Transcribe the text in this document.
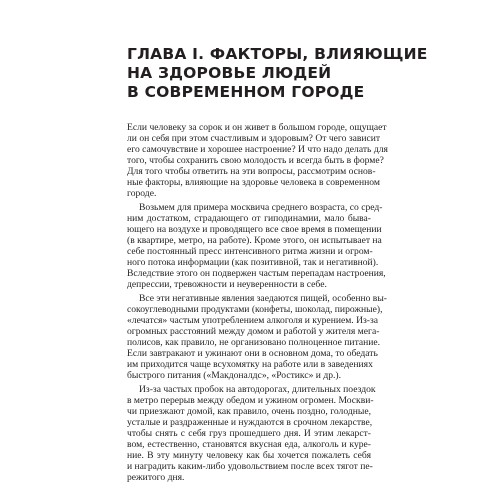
ГЛАВА I. ФАКТОРЫ, ВЛИЯЮЩИЕ
НА ЗДОРОВЬЕ ЛЮДЕЙ
В СОВРЕМЕННОМ ГОРОДЕ

Если человеку за сорок и он живет в большом городе, ощущает
ли он себя при этом счастливым и здоровым? От чего зависит
его самочувствие и хорошее настроение? И что надо делать для
того, чтобы сохранить свою молодость и всегда быть в форме?
Для того чтобы ответить на эти вопросы, рассмотрим основ-
ные факторы, влияющие на здоровье человека в современном
городе.

Возьмем для примера москвича среднего возраста, со сред-
ним достатком, страдающего от гиподинамии, мало быва-
ющего на воздухе и проводящего все свое время в помещении
(в квартире, метро, на работе). Кроме этого, он испытывает на
себе постоянный пресс интенсивного ритма жизни и огром-
ного потока информации (как позитивной, так и негативной).
Вследствие этого он подвержен частым перепадам настроения,
депрессии, тревожности и неуверенности в себе.

Все эти негативные явления заедаются пищей, особенно вы-
сокоуглеводными продуктами (конфеты, шоколад, пирожные),
«лечатся» частым употреблением алкоголя и курением. Из-за
огромных расстояний между домом и работой у жителя мега-
полисов, как правило, не организовано полноценное питание.
Если завтракают и ужинают они в основном дома, то обедать
им приходится чаще всухомятку на работе или в заведениях
быстрого питания («Макдоналдс», «Ростикс» и др.).

Из-за частых пробок на автодорогах, длительных поездок
в метро перерыв между обедом и ужином огромен. Москви-
чи приезжают домой, как правило, очень поздно, голодные,
усталые и раздраженные и нуждаются в срочном лекарстве,
чтобы снять с себя груз прошедшего дня. И этим лекарст-
вом, естественно, становятся вкусная еда, алкоголь и куре-
ние. В эту минуту человеку как бы хочется пожалеть себя
и наградить каким-либо удовольствием после всех тягот пе-
режитого дня.
